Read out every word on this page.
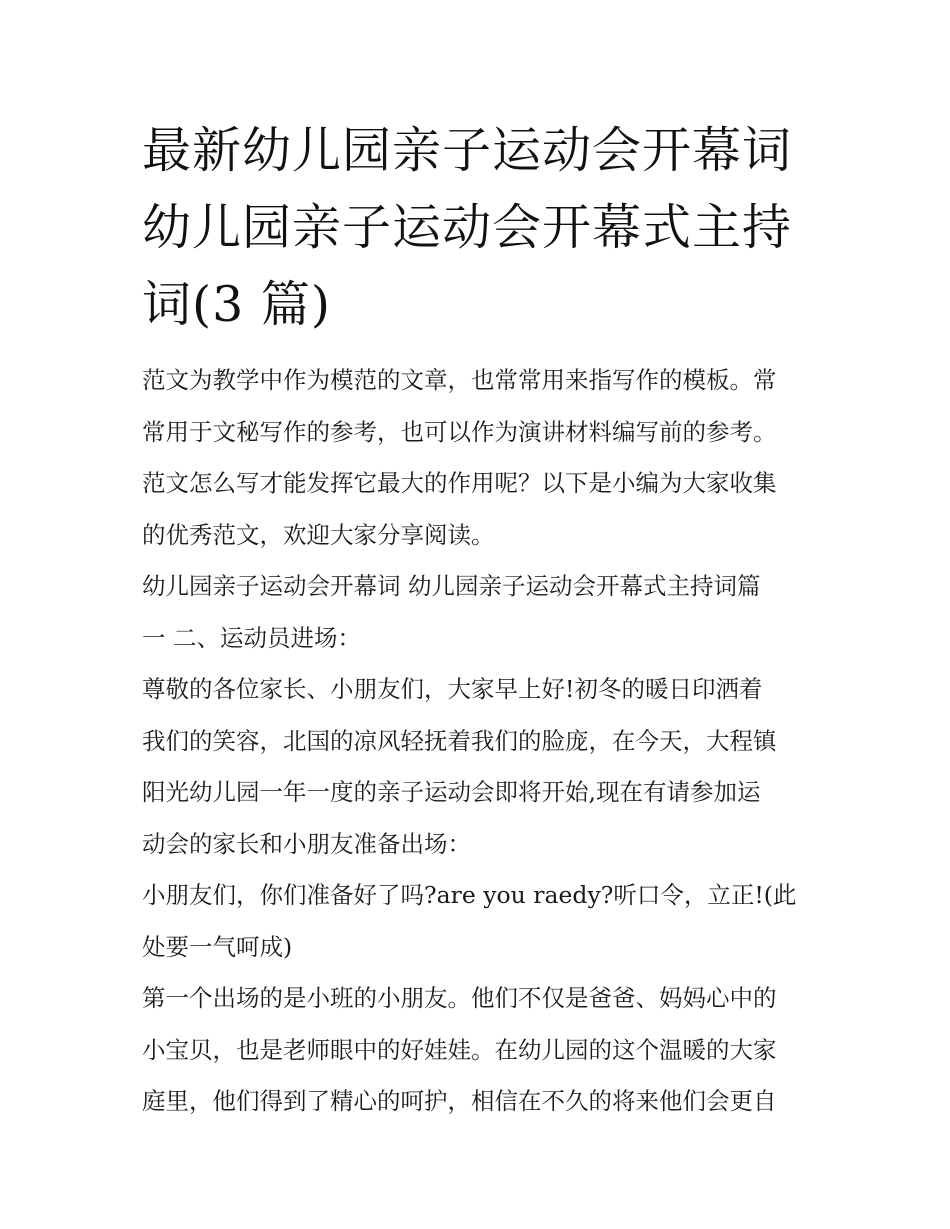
最新幼儿园亲子运动会开幕词
幼儿园亲子运动会开幕式主持
词(3 篇)
范文为教学中作为模范的文章，也常常用来指写作的模板。常
常用于文秘写作的参考，也可以作为演讲材料编写前的参考。
范文怎么写才能发挥它最大的作用呢？以下是小编为大家收集
的优秀范文，欢迎大家分享阅读。
幼儿园亲子运动会开幕词 幼儿园亲子运动会开幕式主持词篇
一 二、运动员进场：
尊敬的各位家长、小朋友们，大家早上好!初冬的暖日印洒着
我们的笑容，北国的凉风轻抚着我们的脸庞，在今天，大程镇
阳光幼儿园一年一度的亲子运动会即将开始,现在有请参加运
动会的家长和小朋友准备出场：
小朋友们，你们准备好了吗?are you raedy?听口令，立正!(此
处要一气呵成)
第一个出场的是小班的小朋友。他们不仅是爸爸、妈妈心中的
小宝贝，也是老师眼中的好娃娃。在幼儿园的这个温暖的大家
庭里，他们得到了精心的呵护，相信在不久的将来他们会更自
